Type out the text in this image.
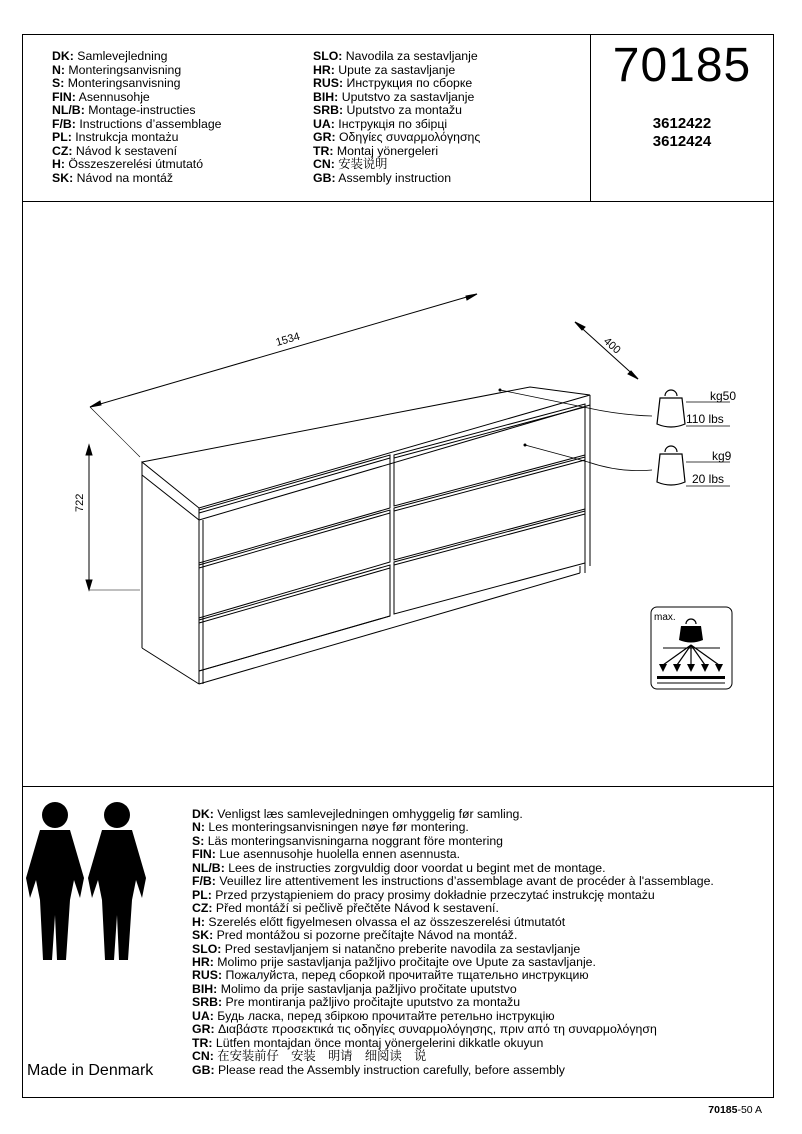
DK: Samlevejledning
N: Monteringsanvisning
S: Monteringsanvisning
FIN: Asennusohje
NL/B: Montage-instructies
F/B: Instructions d’assemblage
PL: Instrukcja montażu
CZ: Návod k sestavení
H: Összeszerelési útmutató
SK: Návod na montáž
SLO: Navodila za sestavljanje
HR: Upute za sastavljanje
RUS: Инструкция по сборке
BIH: Uputstvo za sastavljanje
SRB: Uputstvo za montažu
UA: Інструкція по збірці
GR: Οδηγίες συναρμολόγησης
TR: Montaj yönergeleri
CN: 安装说明
GB: Assembly instruction
70185
3612422
3612424
1534	400
722
kg50
110 lbs
kg9
20 lbs
max.
DK: Venligst læs samlevejledningen omhyggelig før samling.
N: Les monteringsanvisningen nøye før montering.
S: Läs monteringsanvisningarna noggrant före montering
FIN: Lue asennusohje huolella ennen asennusta.
NL/B: Lees de instructies zorgvuldig door voordat u begint met de montage.
F/B: Veuillez lire attentivement les instructions d’assemblage avant de procéder à l'assemblage.
PL: Przed przystąpieniem do pracy prosimy dokładnie przeczytać instrukcję montażu
CZ: Před montáží si pečlivě přečtěte Návod k sestavení.
H: Szerelés előtt figyelmesen olvassa el az összeszerelési útmutatót
SK: Pred montážou si pozorne prečítajte Návod na montáž.
SLO: Pred sestavljanjem si natančno preberite navodila za sestavljanje
HR: Molimo prije sastavljanja pažljivo pročitajte ove Upute za sastavljanje.
RUS: Пожалуйста, перед сборкой прочитайте тщательно инструкцию
BIH: Molimo da prije sastavljanja pažljivo pročitate uputstvo
SRB: Pre montiranja pažljivo pročitajte uputstvo za montažu
UA: Будь ласка, перед збіркою прочитайте ретельно інструкцію
GR: Διαβάστε προσεκτικά τις οδηγίες συναρμολόγησης, πριν από τη συναρμολόγηση
TR: Lütfen montajdan önce montaj yönergelerini dikkatle okuyun
CN: 在安装前仔　安装　明请　细阅读　说
GB: Please read the Assembly instruction carefully, before assembly
Made in Denmark
70185-50 A
